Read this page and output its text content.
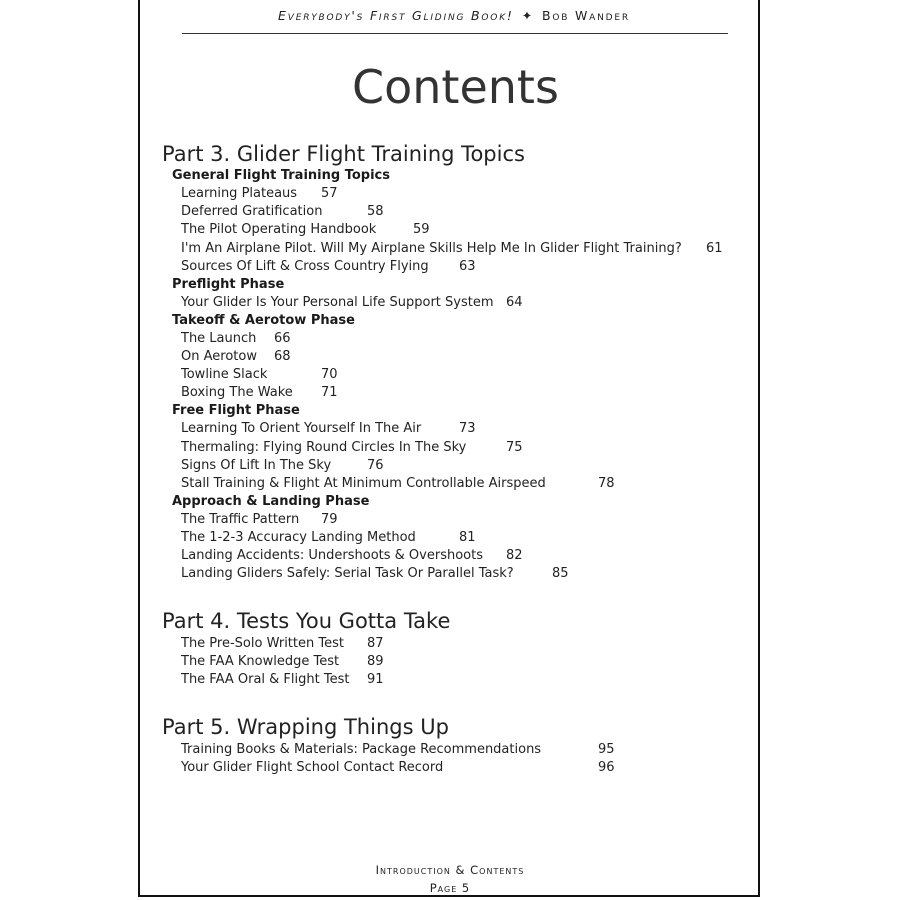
Everybody's First Gliding Book! ✦ Bob Wander
Contents
Part 3. Glider Flight Training Topics
General Flight Training Topics
Learning Plateaus 57
Deferred Gratification	58
The Pilot Operating Handbook	59
I'm An Airplane Pilot. Will My Airplane Skills Help Me In Glider Flight Training? 61
Sources Of Lift & Cross Country Flying 63
Preflight Phase
Your Glider Is Your Personal Life Support System 64
Takeoff & Aerotow Phase
The Launch 66
On Aerotow 68
Towline Slack	70
Boxing The Wake 71
Free Flight Phase
Learning To Orient Yourself In The Air	73
Thermaling: Flying Round Circles In The Sky	75
Signs Of Lift In The Sky	76
Stall Training & Flight At Minimum Controllable Airspeed	78
Approach & Landing Phase
The Traffic Pattern 79
The 1-2-3 Accuracy Landing Method	81
Landing Accidents: Undershoots & Overshoots 82
Landing Gliders Safely: Serial Task Or Parallel Task?	85
Part 4. Tests You Gotta Take
The Pre-Solo Written Test 87
The FAA Knowledge Test 89
The FAA Oral & Flight Test 91
Part 5. Wrapping Things Up
Training Books & Materials: Package Recommendations	95
Your Glider Flight School Contact Record	96
Introduction & Contents
Page 5
